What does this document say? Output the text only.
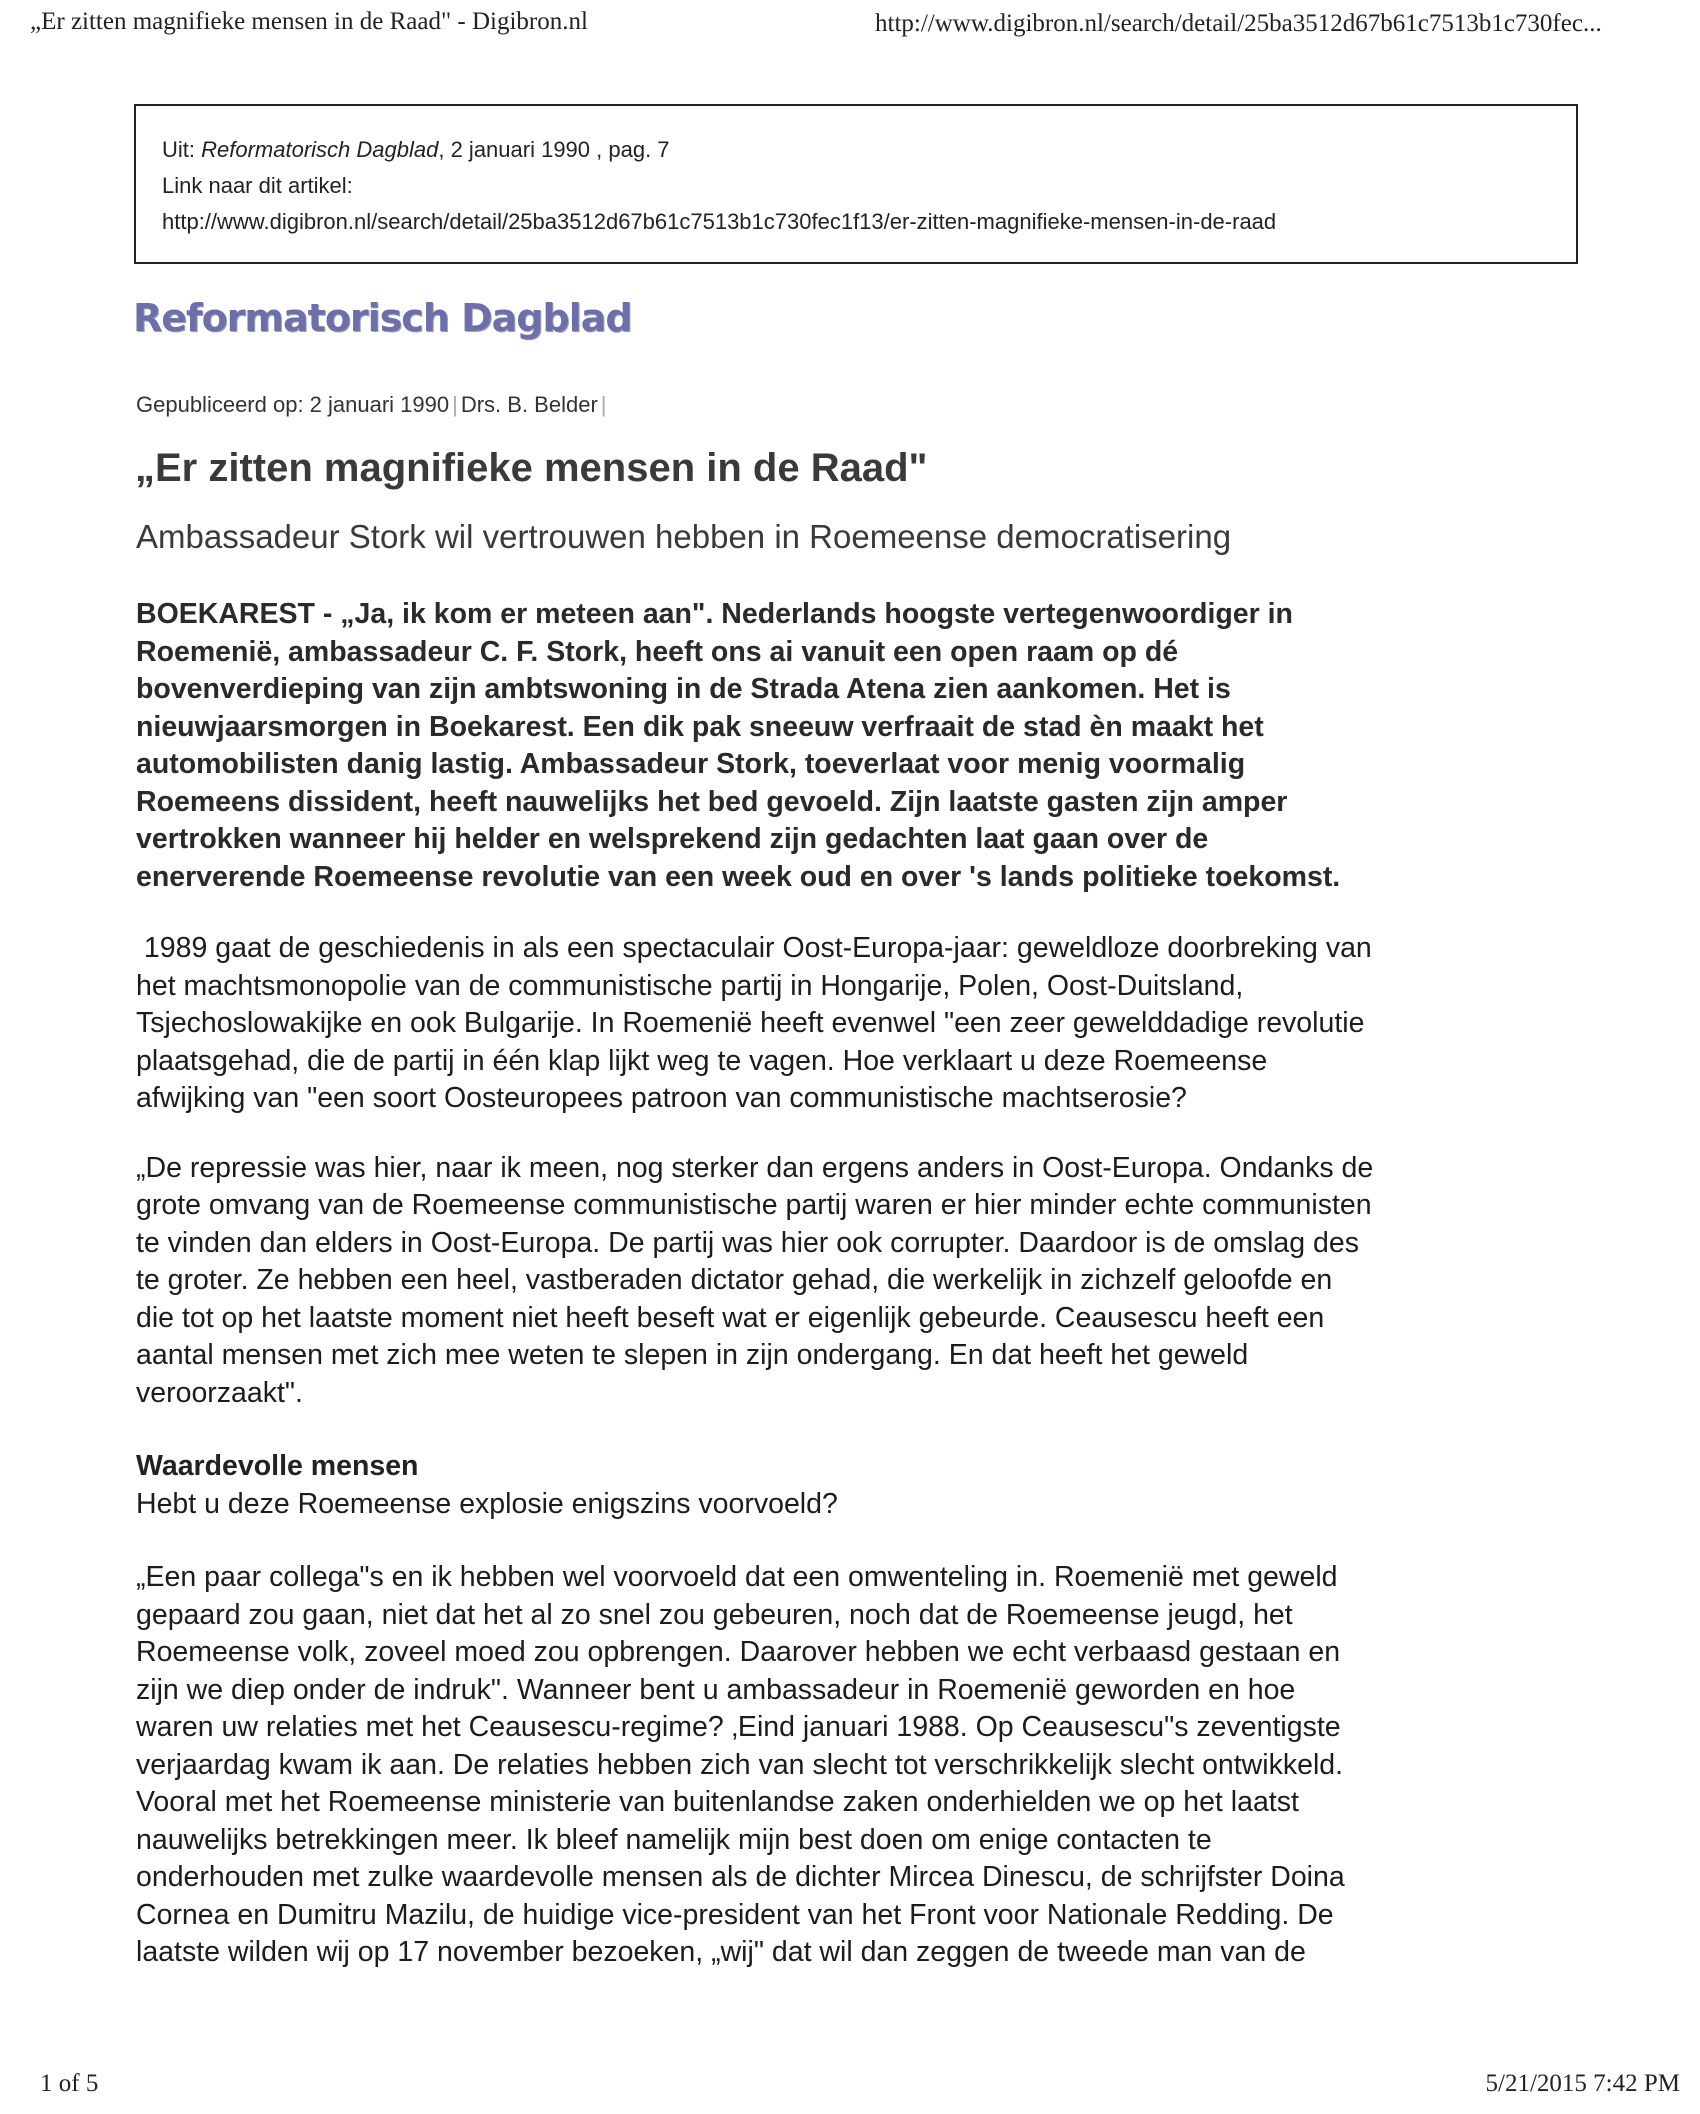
„Er zitten magnifieke mensen in de Raad" - Digibron.nl	http://www.digibron.nl/search/detail/25ba3512d67b61c7513b1c730fec...
Uit: Reformatorisch Dagblad, 2 januari 1990 , pag. 7
Link naar dit artikel:
http://www.digibron.nl/search/detail/25ba3512d67b61c7513b1c730fec1f13/er-zitten-magnifieke-mensen-in-de-raad
Reformatorisch Dagblad
Gepubliceerd op: 2 januari 1990 | Drs. B. Belder |
„Er zitten magnifieke mensen in de Raad"
Ambassadeur Stork wil vertrouwen hebben in Roemeense democratisering

BOEKAREST - „Ja, ik kom er meteen aan". Nederlands hoogste vertegenwoordiger in
Roemenië, ambassadeur C. F. Stork, heeft ons ai vanuit een open raam op dé
bovenverdieping van zijn ambtswoning in de Strada Atena zien aankomen. Het is
nieuwjaarsmorgen in Boekarest. Een dik pak sneeuw verfraait de stad èn maakt het
automobilisten danig lastig. Ambassadeur Stork, toeverlaat voor menig voormalig
Roemeens dissident, heeft nauwelijks het bed gevoeld. Zijn laatste gasten zijn amper
vertrokken wanneer hij helder en welsprekend zijn gedachten laat gaan over de
enerverende Roemeense revolutie van een week oud en over 's lands politieke toekomst.

1989 gaat de geschiedenis in als een spectaculair Oost-Europa-jaar: geweldloze doorbreking van
het machtsmonopolie van de communistische partij in Hongarije, Polen, Oost-Duitsland,
Tsjechoslowakijke en ook Bulgarije. In Roemenië heeft evenwel "een zeer gewelddadige revolutie
plaatsgehad, die de partij in één klap lijkt weg te vagen. Hoe verklaart u deze Roemeense
afwijking van "een soort Oosteuropees patroon van communistische machtserosie?

„De repressie was hier, naar ik meen, nog sterker dan ergens anders in Oost-Europa. Ondanks de
grote omvang van de Roemeense communistische partij waren er hier minder echte communisten
te vinden dan elders in Oost-Europa. De partij was hier ook corrupter. Daardoor is de omslag des
te groter. Ze hebben een heel, vastberaden dictator gehad, die werkelijk in zichzelf geloofde en
die tot op het laatste moment niet heeft beseft wat er eigenlijk gebeurde. Ceausescu heeft een
aantal mensen met zich mee weten te slepen in zijn ondergang. En dat heeft het geweld
veroorzaakt".

Waardevolle mensen

Hebt u deze Roemeense explosie enigszins voorvoeld?

„Een paar collega"s en ik hebben wel voorvoeld dat een omwenteling in. Roemenië met geweld
gepaard zou gaan, niet dat het al zo snel zou gebeuren, noch dat de Roemeense jeugd, het
Roemeense volk, zoveel moed zou opbrengen. Daarover hebben we echt verbaasd gestaan en
zijn we diep onder de indruk". Wanneer bent u ambassadeur in Roemenië geworden en hoe
waren uw relaties met het Ceausescu-regime? ‚Eind januari 1988. Op Ceausescu"s zeventigste
verjaardag kwam ik aan. De relaties hebben zich van slecht tot verschrikkelijk slecht ontwikkeld.
Vooral met het Roemeense ministerie van buitenlandse zaken onderhielden we op het laatst
nauwelijks betrekkingen meer. Ik bleef namelijk mijn best doen om enige contacten te
onderhouden met zulke waardevolle mensen als de dichter Mircea Dinescu, de schrijfster Doina
Cornea en Dumitru Mazilu, de huidige vice-president van het Front voor Nationale Redding. De
laatste wilden wij op 17 november bezoeken, „wij" dat wil dan zeggen de tweede man van de

1 of 5	5/21/2015 7:42 PM
